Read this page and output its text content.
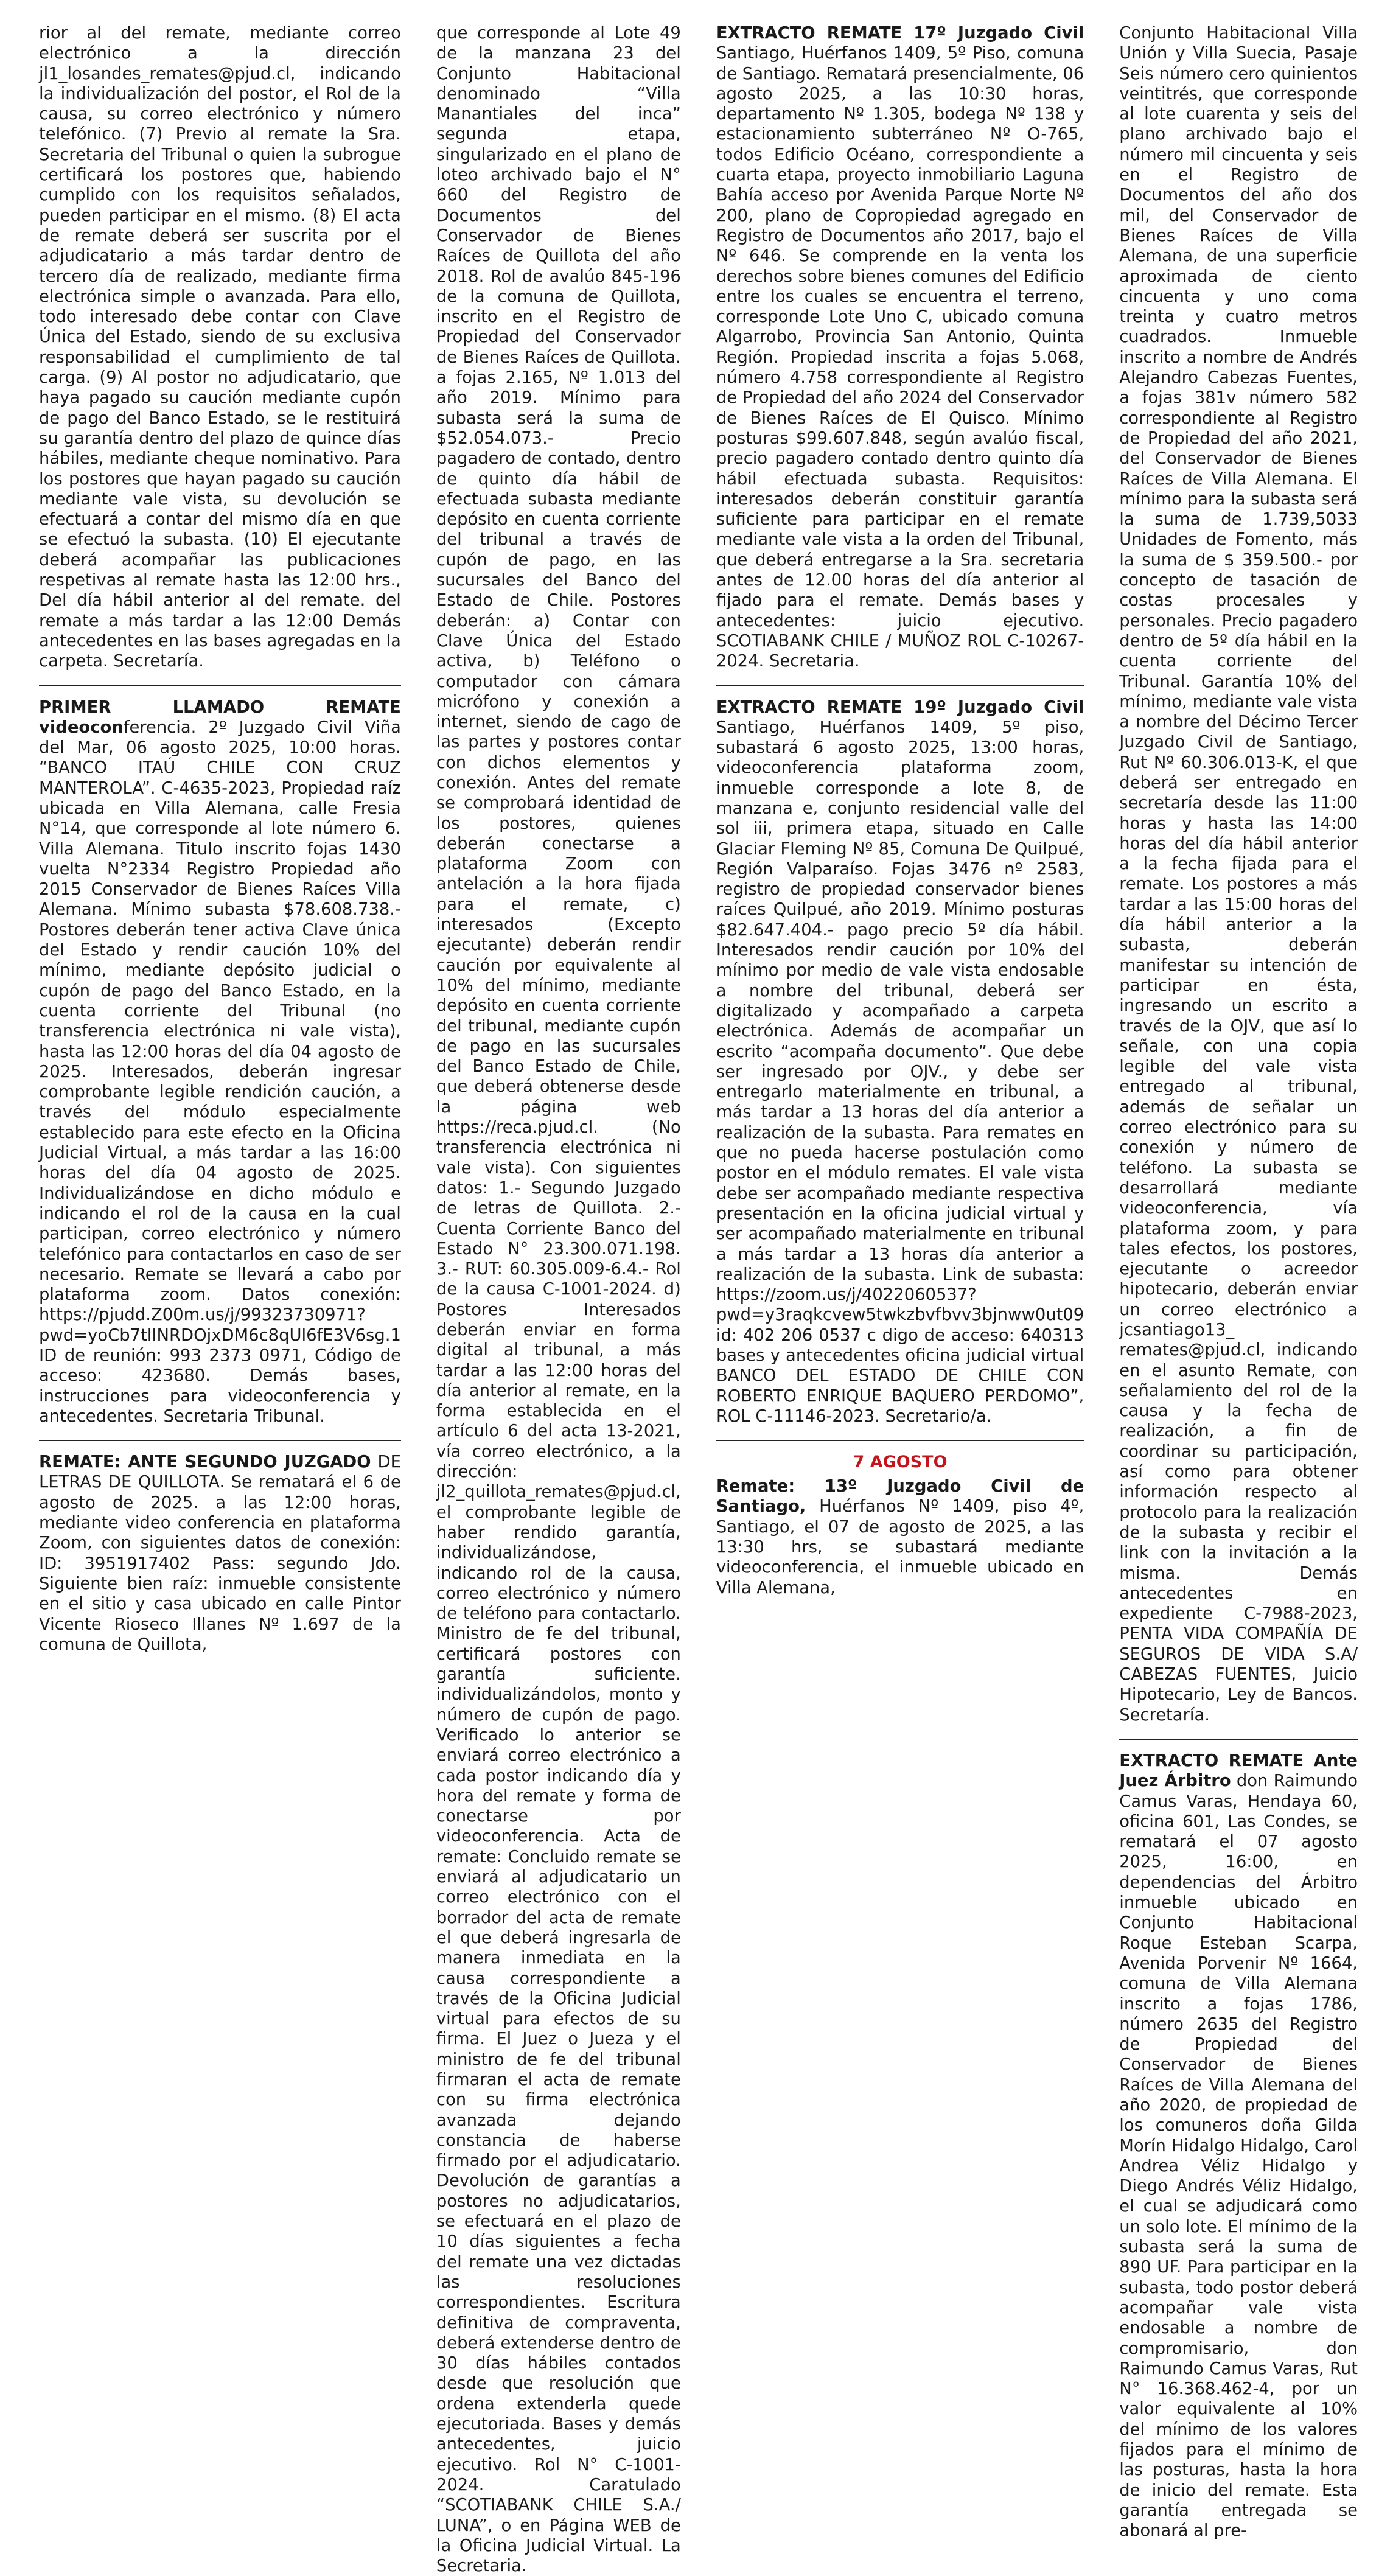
rior al del remate, mediante correo electrónico a la dirección jl1_losandes_remates@pjud.cl, indicando la individualización del postor, el Rol de la causa, su correo electrónico y número telefónico. (7) Previo al remate la Sra. Secretaria del Tribunal o quien la subrogue certificará los postores que, habiendo cumplido con los requisitos señalados, pueden participar en el mismo. (8) El acta de remate deberá ser suscrita por el adjudicatario a más tardar dentro de tercero día de realizado, mediante firma electrónica simple o avanzada. Para ello, todo interesado debe contar con Clave Única del Estado, siendo de su exclusiva responsabilidad el cumplimiento de tal carga. (9) Al postor no adjudicatario, que haya pagado su caución mediante cupón de pago del Banco Estado, se le restituirá su garantía dentro del plazo de quince días hábiles, mediante cheque nominativo. Para los postores que hayan pagado su caución mediante vale vista, su devolución se efectuará a contar del mismo día en que se efectuó la subasta. (10) El ejecutante deberá acompañar las publicaciones respetivas al remate hasta las 12:00 hrs., Del día hábil anterior al del remate. del remate a más tardar a las 12:00 Demás antecedentes en las bases agregadas en la carpeta. Secretaría.

PRIMER LLAMADO REMATE videoconferencia. 2º Juzgado Civil Viña del Mar, 06 agosto 2025, 10:00 horas. “BANCO ITAÚ CHILE CON CRUZ MANTEROLA”. C-4635-2023, Propiedad raíz ubicada en Villa Alemana, calle Fresia N°14, que corresponde al lote número 6. Villa Alemana. Titulo inscrito fojas 1430 vuelta N°2334 Registro Propiedad año 2015 Conservador de Bienes Raíces Villa Alemana. Mínimo subasta $78.608.738.- Postores deberán tener activa Clave única del Estado y rendir caución 10% del mínimo, mediante depósito judicial o cupón de pago del Banco Estado, en la cuenta corriente del Tribunal (no transferencia electrónica ni vale vista), hasta las 12:00 horas del día 04 agosto de 2025. Interesados, deberán ingresar comprobante legible rendición caución, a través del módulo especialmente establecido para este efecto en la Oficina Judicial Virtual, a más tardar a las 16:00 horas del día 04 agosto de 2025. Individualizándose en dicho módulo e indicando el rol de la causa en la cual participan, correo electrónico y número telefónico para contactarlos en caso de ser necesario. Remate se llevará a cabo por plataforma zoom. Datos conexión: https://pjudd.Z00m.us/j/99323730971?pwd=yoCb7tlINRDOjxDM6c8qUl6fE3V6sg.1 ID de reunión: 993 2373 0971, Código de acceso: 423680. Demás bases, instrucciones para videoconferencia y antecedentes. Secretaria Tribunal.

REMATE: ANTE SEGUNDO JUZGADO DE LETRAS DE QUILLOTA. Se rematará el 6 de agosto de 2025. a las 12:00 horas, mediante video conferencia en plataforma Zoom, con siguientes datos de conexión: ID: 3951917402 Pass: segundo Jdo. Siguiente bien raíz: inmueble consistente en el sitio y casa ubicado en calle Pintor Vicente Rioseco Illanes Nº 1.697 de la comuna de Quillota,

que corresponde al Lote 49 de la manzana 23 del Conjunto Habitacional denominado “Villa Manantiales del inca” segunda etapa, singularizado en el plano de loteo archivado bajo el N° 660 del Registro de Documentos del Conservador de Bienes Raíces de Quillota del año 2018. Rol de avalúo 845-196 de la comuna de Quillota, inscrito en el Registro de Propiedad del Conservador de Bienes Raíces de Quillota. a fojas 2.165, Nº 1.013 del año 2019. Mínimo para subasta será la suma de $52.054.073.- Precio pagadero de contado, dentro de quinto día hábil de efectuada subasta mediante depósito en cuenta corriente del tribunal a través de cupón de pago, en las sucursales del Banco del Estado de Chile. Postores deberán: a) Contar con Clave Única del Estado activa, b) Teléfono o computador con cámara micrófono y conexión a internet, siendo de cago de las partes y postores contar con dichos elementos y conexión. Antes del remate se comprobará identidad de los postores, quienes deberán conectarse a plataforma Zoom con antelación a la hora fijada para el remate, c) interesados (Excepto ejecutante) deberán rendir caución por equivalente al 10% del mínimo, mediante depósito en cuenta corriente del tribunal, mediante cupón de pago en las sucursales del Banco Estado de Chile, que deberá obtenerse desde la página web https://reca.pjud.cl. (No transferencia electrónica ni vale vista). Con siguientes datos: 1.- Segundo Juzgado de letras de Quillota. 2.- Cuenta Corriente Banco del Estado N° 23.300.071.198. 3.- RUT: 60.305.009-6.4.- Rol de la causa C-1001-2024. d) Postores Interesados deberán enviar en forma digital al tribunal, a más tardar a las 12:00 horas del día anterior al remate, en la forma establecida en el artículo 6 del acta 13-2021, vía correo electrónico, a la dirección: jl2_quillota_remates@pjud.cl, el comprobante legible de haber rendido garantía, individualizándose, indicando rol de la causa, correo electrónico y número de teléfono para contactarlo. Ministro de fe del tribunal, certificará postores con garantía suficiente. individualizándolos, monto y número de cupón de pago. Verificado lo anterior se enviará correo electrónico a cada postor indicando día y hora del remate y forma de conectarse por videoconferencia. Acta de remate: Concluido remate se enviará al adjudicatario un correo electrónico con el borrador del acta de remate el que deberá ingresarla de manera inmediata en la causa correspondiente a través de la Oficina Judicial virtual para efectos de su firma. El Juez o Jueza y el ministro de fe del tribunal firmaran el acta de remate con su firma electrónica avanzada dejando constancia de haberse firmado por el adjudicatario. Devolución de garantías a postores no adjudicatarios, se efectuará en el plazo de 10 días siguientes a fecha del remate una vez dictadas las resoluciones correspondientes. Escritura definitiva de compraventa, deberá extenderse dentro de 30 días hábiles contados desde que resolución que ordena extenderla quede ejecutoriada. Bases y demás antecedentes, juicio ejecutivo. Rol N° C-1001-2024. Caratulado “SCOTIABANK CHILE S.A./ LUNA”, o en Página WEB de la Oficina Judicial Virtual. La Secretaria.

EXTRACTO REMATE 17º Juzgado Civil Santiago, Huérfanos 1409, 5º Piso, comuna de Santiago. Rematará presencialmente, 06 agosto 2025, a las 10:30 horas, departamento Nº 1.305, bodega Nº 138 y estacionamiento subterráneo Nº O-765, todos Edificio Océano, correspondiente a cuarta etapa, proyecto inmobiliario Laguna Bahía acceso por Avenida Parque Norte Nº 200, plano de Copropiedad agregado en Registro de Documentos año 2017, bajo el Nº 646. Se comprende en la venta los derechos sobre bienes comunes del Edificio entre los cuales se encuentra el terreno, corresponde Lote Uno C, ubicado comuna Algarrobo, Provincia San Antonio, Quinta Región. Propiedad inscrita a fojas 5.068, número 4.758 correspondiente al Registro de Propiedad del año 2024 del Conservador de Bienes Raíces de El Quisco. Mínimo posturas $99.607.848, según avalúo fiscal, precio pagadero contado dentro quinto día hábil efectuada subasta. Requisitos: interesados deberán constituir garantía suficiente para participar en el remate mediante vale vista a la orden del Tribunal, que deberá entregarse a la Sra. secretaria antes de 12.00 horas del día anterior al fijado para el remate. Demás bases y antecedentes: juicio ejecutivo. SCOTIABANK CHILE / MUÑOZ ROL C-10267-2024. Secretaria.

EXTRACTO REMATE 19º Juzgado Civil Santiago, Huérfanos 1409, 5º piso, subastará 6 agosto 2025, 13:00 horas, videoconferencia plataforma zoom, inmueble corresponde a lote 8, de manzana e, conjunto residencial valle del sol iii, primera etapa, situado en Calle Glaciar Fleming Nº 85, Comuna De Quilpué, Región Valparaíso. Fojas 3476 nº 2583, registro de propiedad conservador bienes raíces Quilpué, año 2019. Mínimo posturas $82.647.404.- pago precio 5º día hábil. Interesados rendir caución por 10% del mínimo por medio de vale vista endosable a nombre del tribunal, deberá ser digitalizado y acompañado a carpeta electrónica. Además de acompañar un escrito “acompaña documento”. Que debe ser ingresado por OJV., y debe ser entregarlo materialmente en tribunal, a más tardar a 13 horas del día anterior a realización de la subasta. Para remates en que no pueda hacerse postulación como postor en el módulo remates. El vale vista debe ser acompañado mediante respectiva presentación en la oficina judicial virtual y ser acompañado materialmente en tribunal a más tardar a 13 horas día anterior a realización de la subasta. Link de subasta: https://zoom.us/j/4022060537?pwd=y3raqkcvew5twkzbvfbvv3bjnww0ut09 id: 402 206 0537 c digo de acceso: 640313 bases y antecedentes oficina judicial virtual BANCO DEL ESTADO DE CHILE CON ROBERTO ENRIQUE BAQUERO PERDOMO”, ROL C-11146-2023. Secretario/a.

7 AGOSTO

Remate: 13º Juzgado Civil de Santiago, Huérfanos Nº 1409, piso 4º, Santiago, el 07 de agosto de 2025, a las 13:30 hrs, se subastará mediante videoconferencia, el inmueble ubicado en Villa Alemana,

Conjunto Habitacional Villa Unión y Villa Suecia, Pasaje Seis número cero quinientos veintitrés, que corresponde al lote cuarenta y seis del plano archivado bajo el número mil cincuenta y seis en el Registro de Documentos del año dos mil, del Conservador de Bienes Raíces de Villa Alemana, de una superficie aproximada de ciento cincuenta y uno coma treinta y cuatro metros cuadrados. Inmueble inscrito a nombre de Andrés Alejandro Cabezas Fuentes, a fojas 381v número 582 correspondiente al Registro de Propiedad del año 2021, del Conservador de Bienes Raíces de Villa Alemana. El mínimo para la subasta será la suma de 1.739,5033 Unidades de Fomento, más la suma de $ 359.500.- por concepto de tasación de costas procesales y personales. Precio pagadero dentro de 5º día hábil en la cuenta corriente del Tribunal. Garantía 10% del mínimo, mediante vale vista a nombre del Décimo Tercer Juzgado Civil de Santiago, Rut Nº 60.306.013-K, el que deberá ser entregado en secretaría desde las 11:00 horas y hasta las 14:00 horas del día hábil anterior a la fecha fijada para el remate. Los postores a más tardar a las 15:00 horas del día hábil anterior a la subasta, deberán manifestar su intención de participar en ésta, ingresando un escrito a través de la OJV, que así lo señale, con una copia legible del vale vista entregado al tribunal, además de señalar un correo electrónico para su conexión y número de teléfono. La subasta se desarrollará mediante videoconferencia, vía plataforma zoom, y para tales efectos, los postores, ejecutante o acreedor hipotecario, deberán enviar un correo electrónico a jcsantiago13_ remates@pjud.cl, indicando en el asunto Remate, con señalamiento del rol de la causa y la fecha de realización, a fin de coordinar su participación, así como para obtener información respecto al protocolo para la realización de la subasta y recibir el link con la invitación a la misma. Demás antecedentes en expediente C-7988-2023, PENTA VIDA COMPAÑÍA DE SEGUROS DE VIDA S.A/ CABEZAS FUENTES, Juicio Hipotecario, Ley de Bancos. Secretaría.

EXTRACTO REMATE Ante Juez Árbitro don Raimundo Camus Varas, Hendaya 60, oficina 601, Las Condes, se rematará el 07 agosto 2025, 16:00, en dependencias del Árbitro inmueble ubicado en Conjunto Habitacional Roque Esteban Scarpa, Avenida Porvenir Nº 1664, comuna de Villa Alemana inscrito a fojas 1786, número 2635 del Registro de Propiedad del Conservador de Bienes Raíces de Villa Alemana del año 2020, de propiedad de los comuneros doña Gilda Morín Hidalgo Hidalgo, Carol Andrea Véliz Hidalgo y Diego Andrés Véliz Hidalgo, el cual se adjudicará como un solo lote. El mínimo de la subasta será la suma de 890 UF. Para participar en la subasta, todo postor deberá acompañar vale vista endosable a nombre de compromisario, don Raimundo Camus Varas, Rut N° 16.368.462-4, por un valor equivalente al 10% del mínimo de los valores fijados para el mínimo de las posturas, hasta la hora de inicio del remate. Esta garantía entregada se abonará al pre-
